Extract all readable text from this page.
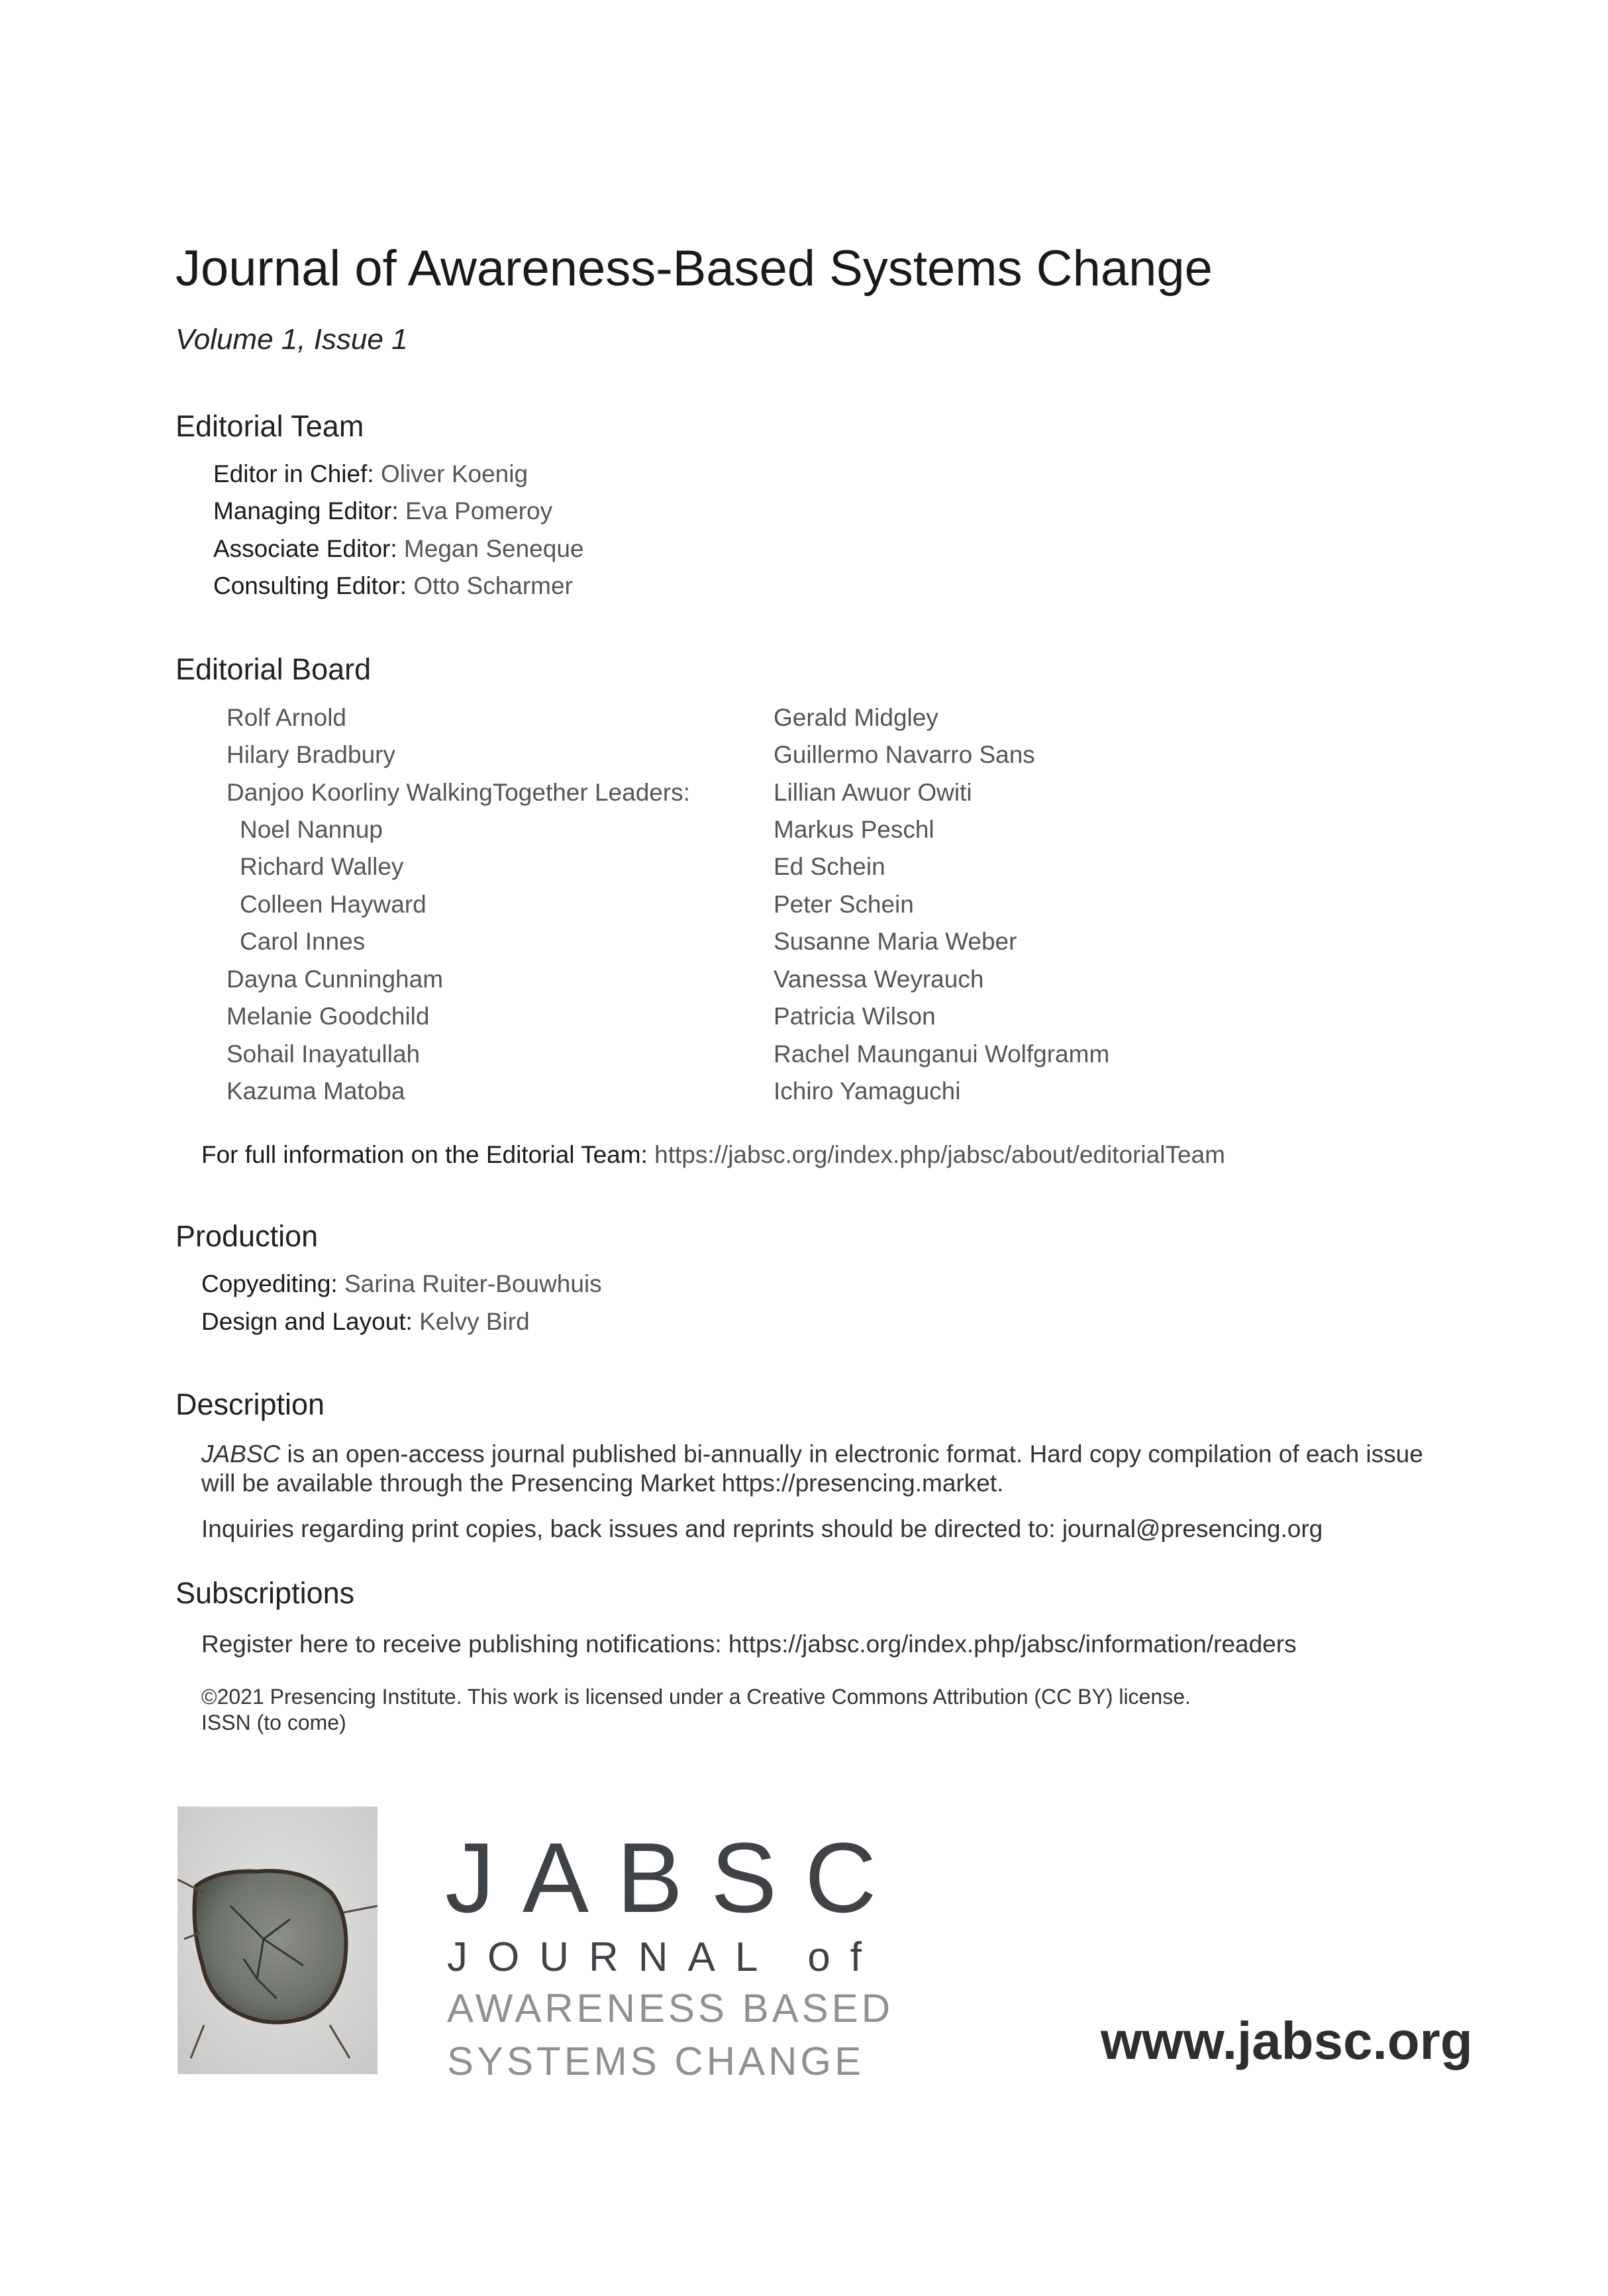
Journal of Awareness-Based Systems Change
Volume 1, Issue 1
Editorial Team
Editor in Chief: Oliver Koenig
Managing Editor: Eva Pomeroy
Associate Editor: Megan Seneque
Consulting Editor: Otto Scharmer
Editorial Board
Rolf Arnold
Hilary Bradbury
Danjoo Koorliny WalkingTogether Leaders:
Noel Nannup
Richard Walley
Colleen Hayward
Carol Innes
Dayna Cunningham
Melanie Goodchild
Sohail Inayatullah
Kazuma Matoba
Gerald Midgley
Guillermo Navarro Sans
Lillian Awuor Owiti
Markus Peschl
Ed Schein
Peter Schein
Susanne Maria Weber
Vanessa Weyrauch
Patricia Wilson
Rachel Maunganui Wolfgramm
Ichiro Yamaguchi
For full information on the Editorial Team: https://jabsc.org/index.php/jabsc/about/editorialTeam
Production
Copyediting: Sarina Ruiter-Bouwhuis
Design and Layout: Kelvy Bird
Description
JABSC is an open-access journal published bi-annually in electronic format. Hard copy compilation of each issue will be available through the Presencing Market https://presencing.market.
Inquiries regarding print copies, back issues and reprints should be directed to: journal@presencing.org
Subscriptions
Register here to receive publishing notifications: https://jabsc.org/index.php/jabsc/information/readers
©2021 Presencing Institute. This work is licensed under a Creative Commons Attribution (CC BY) license.
ISSN (to come)
JABSC
JOURNAL of
AWARENESS BASED
SYSTEMS CHANGE	www.jabsc.org
